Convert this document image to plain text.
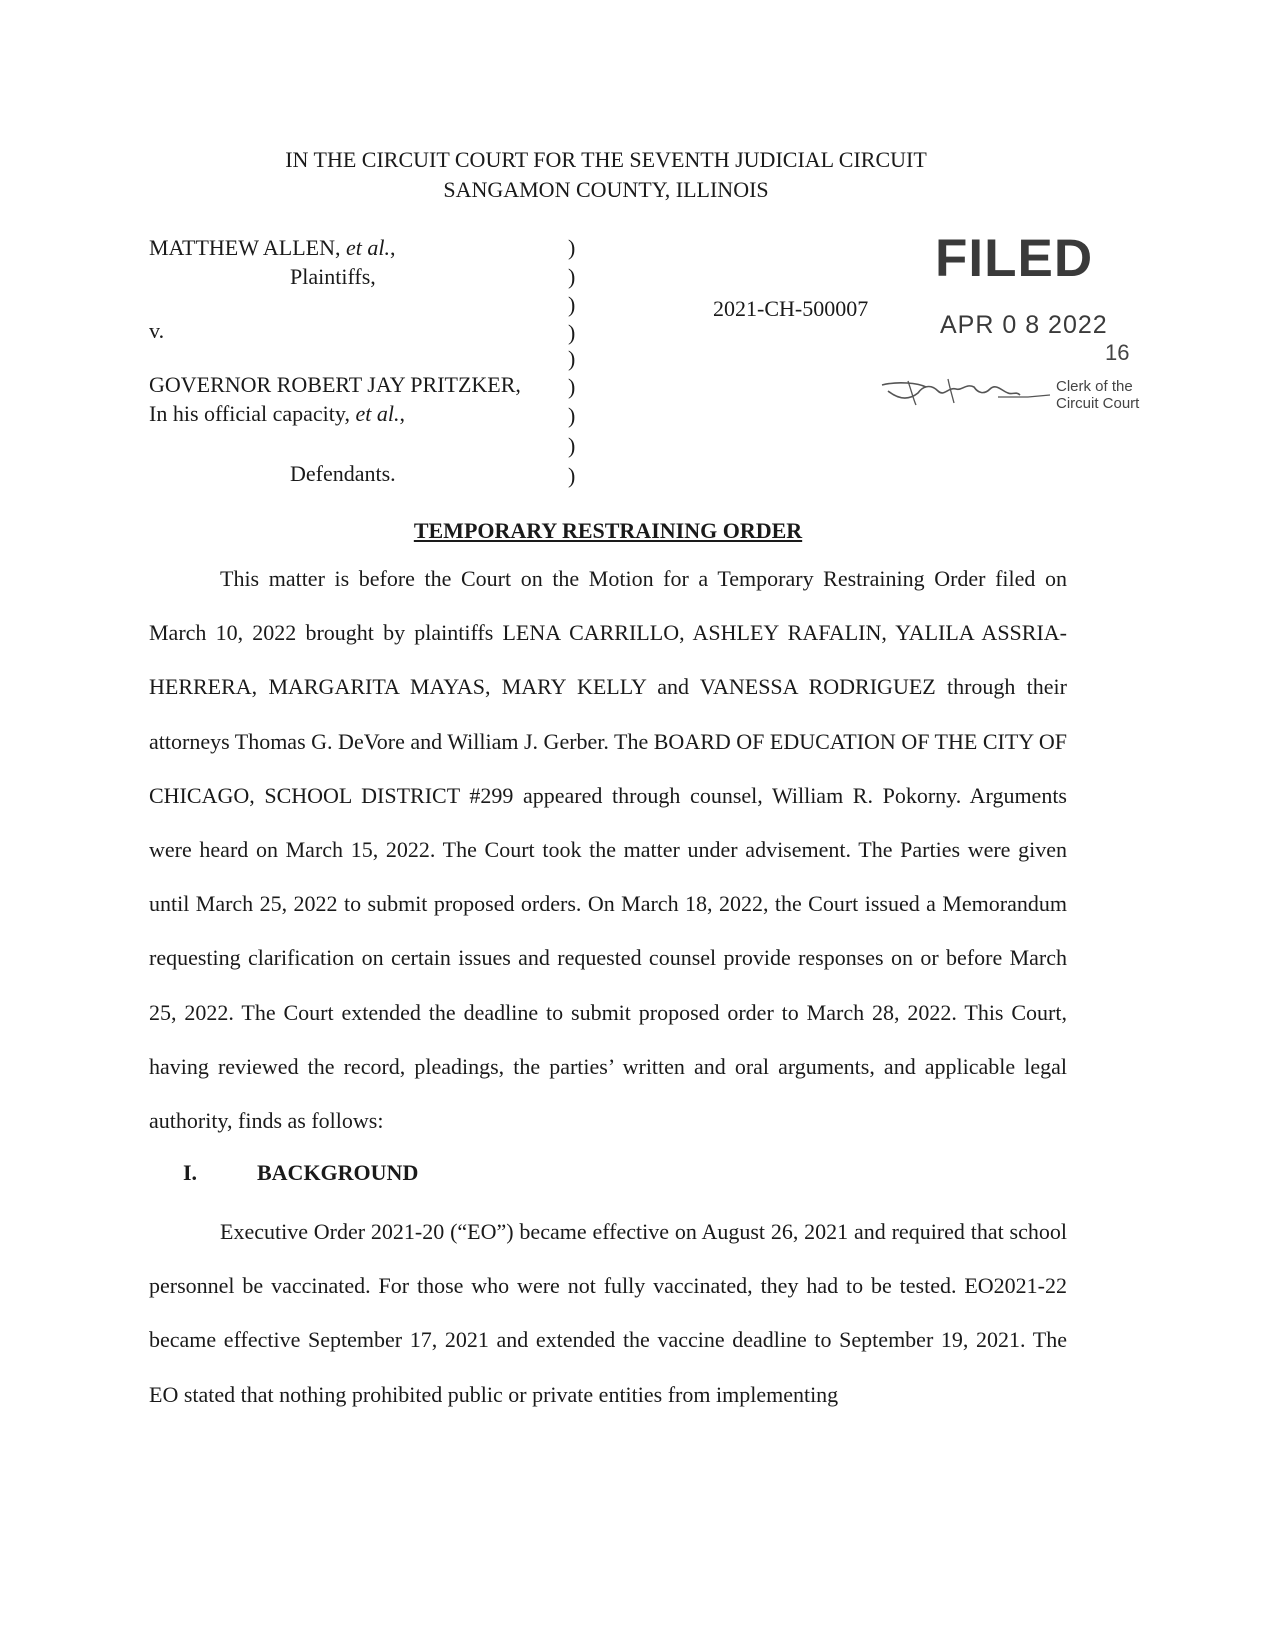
IN THE CIRCUIT COURT FOR THE SEVENTH JUDICIAL CIRCUIT
SANGAMON COUNTY, ILLINOIS
MATTHEW ALLEN, et al.,
Plaintiffs,
v.
GOVERNOR ROBERT JAY PRITZKER,
In his official capacity, et al.,
Defendants.
)
)
)
)
)
)
)
)
)
2021-CH-500007
FILED
APR 0 8 2022
16
Clerk of the
Circuit Court
TEMPORARY RESTRAINING ORDER
This matter is before the Court on the Motion for a Temporary Restraining Order filed on March 10, 2022 brought by plaintiffs LENA CARRILLO, ASHLEY RAFALIN, YALILA ASSRIA-HERRERA, MARGARITA MAYAS, MARY KELLY and VANESSA RODRIGUEZ through their attorneys Thomas G. DeVore and William J. Gerber. The BOARD OF EDUCATION OF THE CITY OF CHICAGO, SCHOOL DISTRICT #299 appeared through counsel, William R. Pokorny. Arguments were heard on March 15, 2022. The Court took the matter under advisement. The Parties were given until March 25, 2022 to submit proposed orders. On March 18, 2022, the Court issued a Memorandum requesting clarification on certain issues and requested counsel provide responses on or before March 25, 2022. The Court extended the deadline to submit proposed order to March 28, 2022. This Court, having reviewed the record, pleadings, the parties’ written and oral arguments, and applicable legal authority, finds as follows:
I.	BACKGROUND
Executive Order 2021-20 (“EO”) became effective on August 26, 2021 and required that school personnel be vaccinated. For those who were not fully vaccinated, they had to be tested. EO2021-22 became effective September 17, 2021 and extended the vaccine deadline to September 19, 2021. The EO stated that nothing prohibited public or private entities from implementing
